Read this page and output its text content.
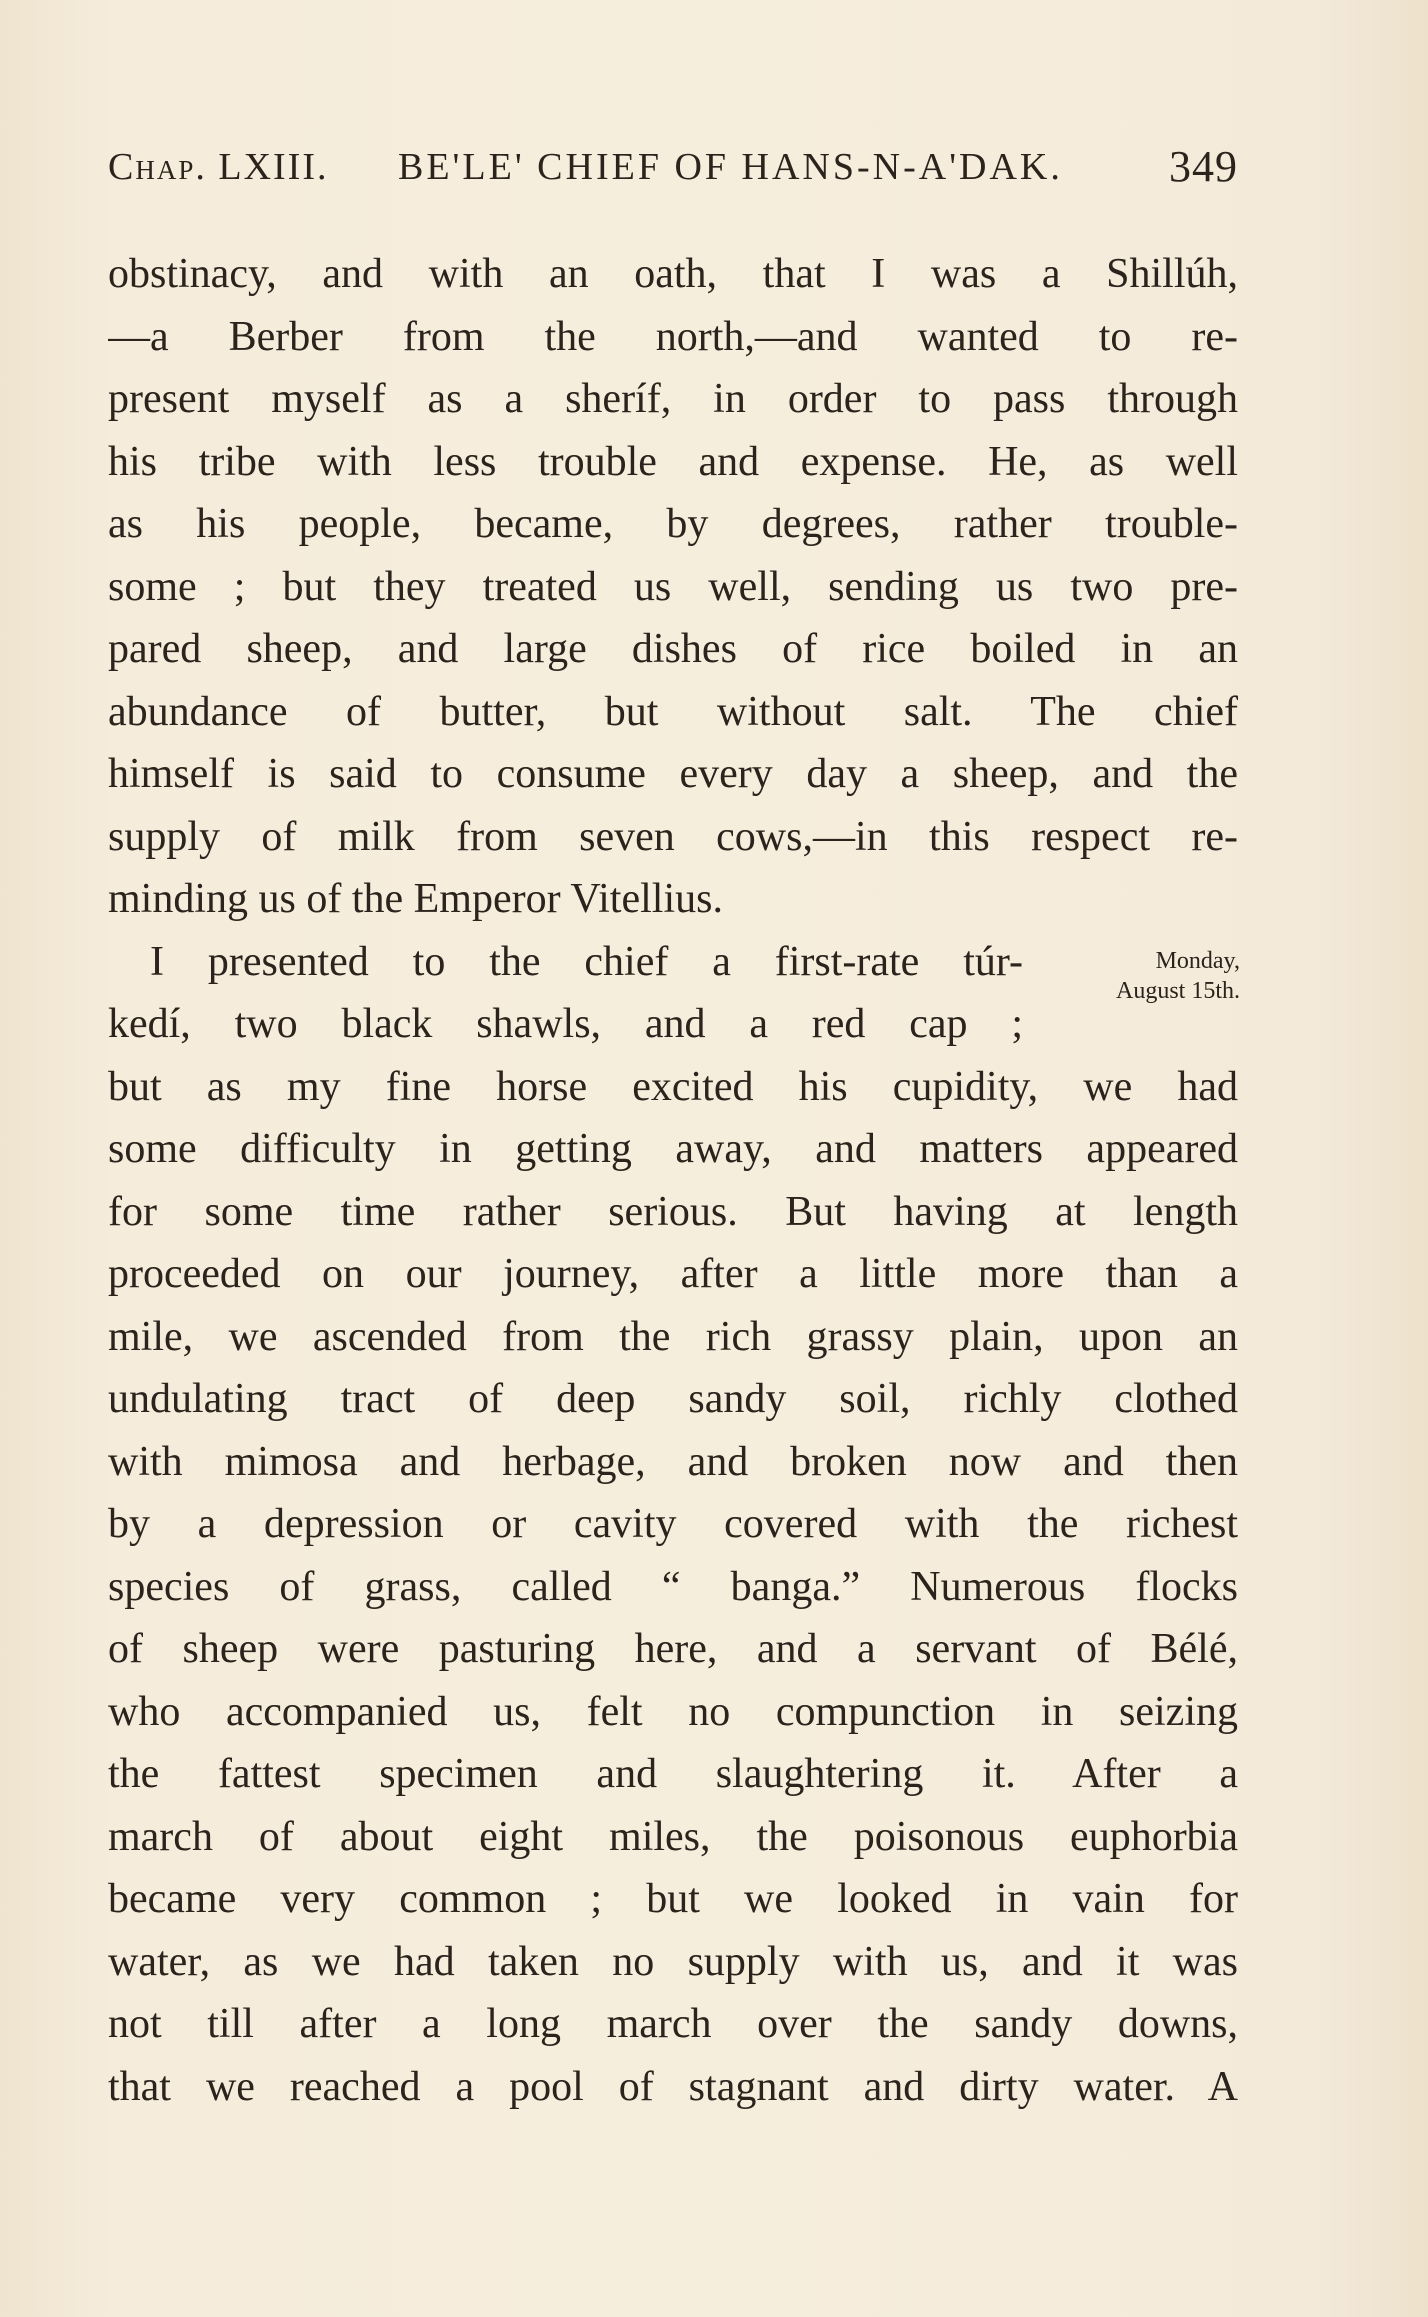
Chap. LXIII. BE'LE' CHIEF OF HANS-N-A'DAK. 349
Monday,
August 15th.
obstinacy, and with an oath, that I was a Shillúh,
—a Berber from the north,—and wanted to re-
present myself as a sheríf, in order to pass through
his tribe with less trouble and expense. He, as well
as his people, became, by degrees, rather trouble-
some ; but they treated us well, sending us two pre-
pared sheep, and large dishes of rice boiled in an
abundance of butter, but without salt. The chief
himself is said to consume every day a sheep, and the
supply of milk from seven cows,—in this respect re-
minding us of the Emperor Vitellius.
I presented to the chief a first-rate túr-
kedí, two black shawls, and a red cap ;
but as my fine horse excited his cupidity, we had
some difficulty in getting away, and matters appeared
for some time rather serious. But having at length
proceeded on our journey, after a little more than a
mile, we ascended from the rich grassy plain, upon an
undulating tract of deep sandy soil, richly clothed
with mimosa and herbage, and broken now and then
by a depression or cavity covered with the richest
species of grass, called “ banga.” Numerous flocks
of sheep were pasturing here, and a servant of Bélé,
who accompanied us, felt no compunction in seizing
the fattest specimen and slaughtering it. After a
march of about eight miles, the poisonous euphorbia
became very common ; but we looked in vain for
water, as we had taken no supply with us, and it was
not till after a long march over the sandy downs,
that we reached a pool of stagnant and dirty water. A
